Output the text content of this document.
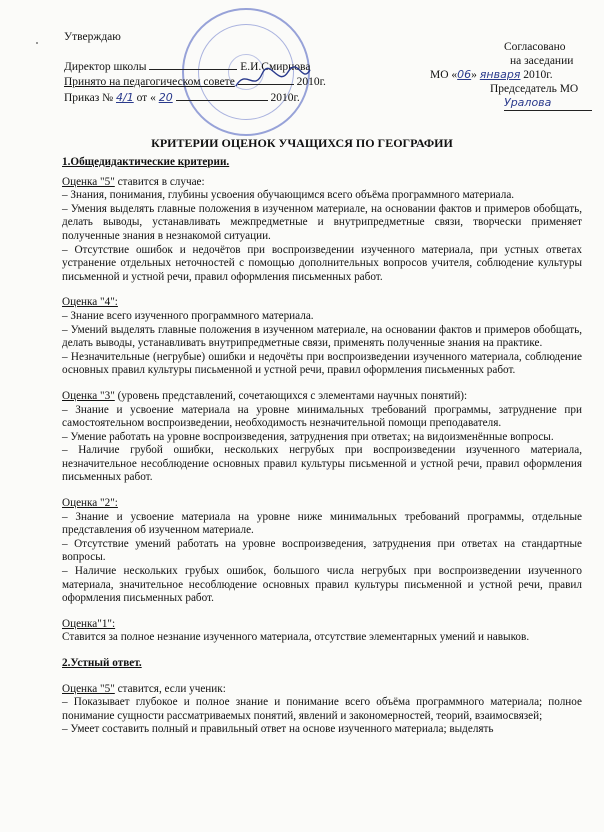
Утверждаю
Директор школы	Е.И.Смирнова
Принято на педагогическом совете	2010г.
Приказ № 4/1 от « 20	2010г.
Согласовано
на заседании
МО «06» января 2010г.
Председатель МО
Уралова
КРИТЕРИИ ОЦЕНОК УЧАЩИХСЯ ПО ГЕОГРАФИИ

1.Общедидактические критерии.

Оценка "5" ставится в случае:

– Знания, понимания, глубины усвоения обучающимся всего объёма программного материала.

– Умения выделять главные положения в изученном материале, на основании фактов и примеров обобщать, делать выводы, устанавливать межпредметные и внутрипредметные связи, творчески применяет полученные знания в незнакомой ситуации.

– Отсутствие ошибок и недочётов при воспроизведении изученного материала, при устных ответах устранение отдельных неточностей с помощью дополнительных вопросов учителя, соблюдение культуры письменной и устной речи, правил оформления письменных работ.

Оценка "4":

– Знание всего изученного программного материала.

– Умений выделять главные положения в изученном материале, на основании фактов и примеров обобщать, делать выводы, устанавливать внутрипредметные связи, применять полученные знания на практике.

– Незначительные (негрубые) ошибки и недочёты при воспроизведении изученного материала, соблюдение основных правил культуры письменной и устной речи, правил оформления письменных работ.

Оценка "3" (уровень представлений, сочетающихся с элементами научных понятий):

– Знание и усвоение материала на уровне минимальных требований программы, затруднение при самостоятельном воспроизведении, необходимость незначительной помощи преподавателя.

– Умение работать на уровне воспроизведения, затруднения при ответах; на видоизменённые вопросы.

– Наличие грубой ошибки, нескольких негрубых при воспроизведении изученного материала, незначительное несоблюдение основных правил культуры письменной и устной речи, правил оформления письменных работ.

Оценка "2":

– Знание и усвоение материала на уровне ниже минимальных требований программы, отдельные представления об изученном материале.

– Отсутствие умений работать на уровне воспроизведения, затруднения при ответах на стандартные вопросы.

– Наличие нескольких грубых ошибок, большого числа негрубых при воспроизведении изученного материала, значительное несоблюдение основных правил культуры письменной и устной речи, правил оформления письменных работ.

Оценка"1":

Ставится за полное незнание изученного материала, отсутствие элементарных умений и навыков.

2.Устный ответ.

Оценка "5" ставится, если ученик:

– Показывает глубокое и полное знание и понимание всего объёма программного материала; полное понимание сущности рассматриваемых понятий, явлений и закономерностей, теорий, взаимосвязей;

– Умеет составить полный и правильный ответ на основе изученного материала; выделять
